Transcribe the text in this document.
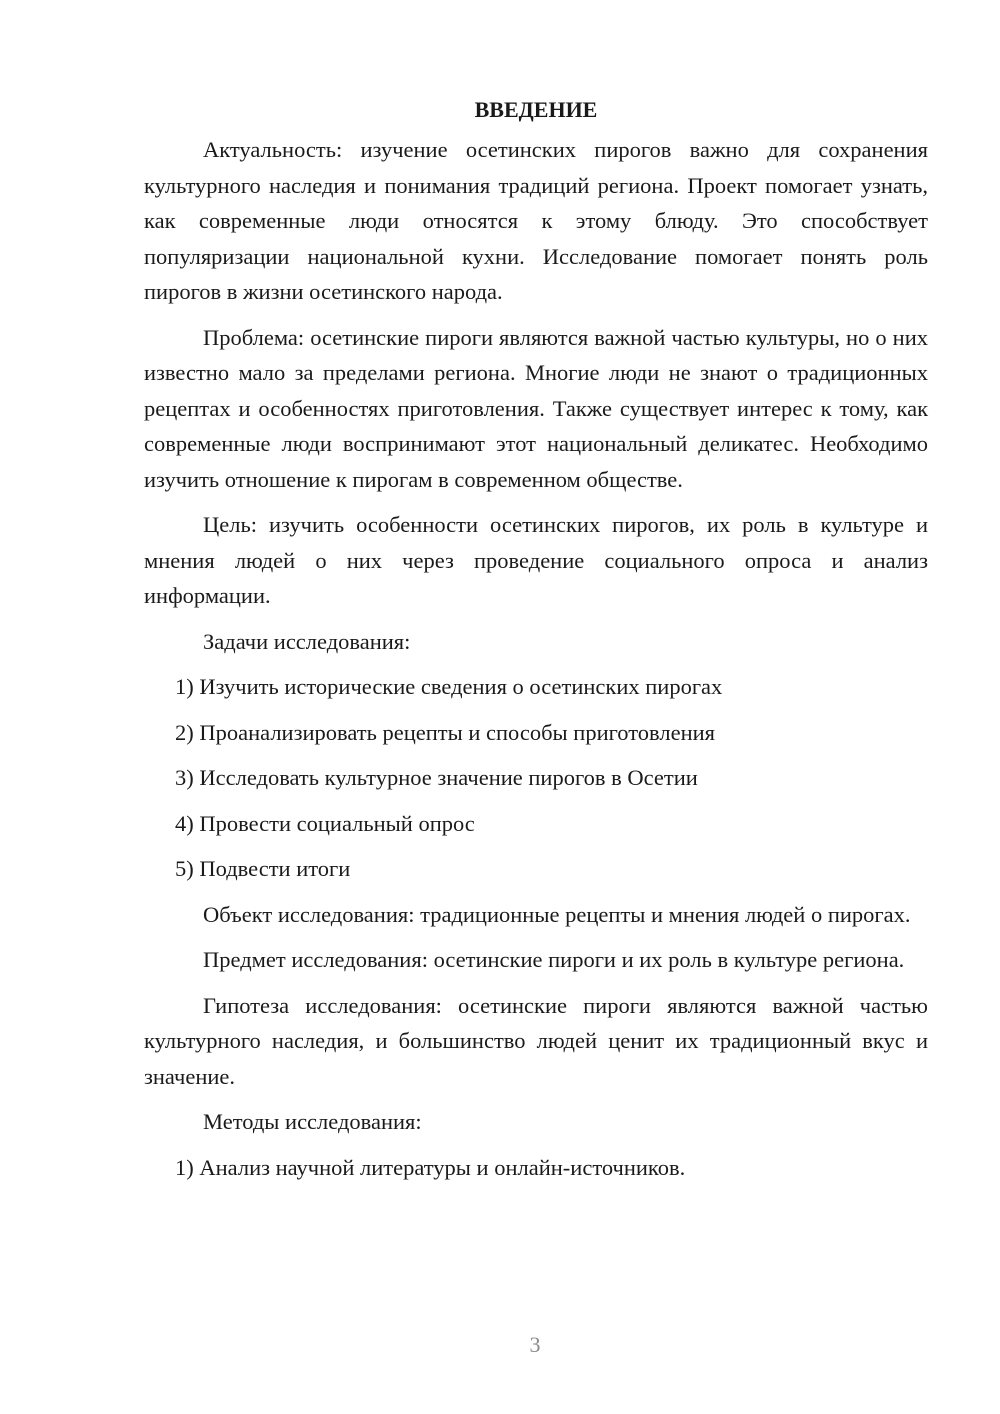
ВВЕДЕНИЕ

Актуальность: изучение осетинских пирогов важно для сохранения культурного наследия и понимания традиций региона. Проект помогает узнать, как современные люди относятся к этому блюду. Это способствует популяризации национальной кухни. Исследование помогает понять роль пирогов в жизни осетинского народа.

Проблема: осетинские пироги являются важной частью культуры, но о них известно мало за пределами региона. Многие люди не знают о традиционных рецептах и особенностях приготовления. Также существует интерес к тому, как современные люди воспринимают этот национальный деликатес. Необходимо изучить отношение к пирогам в современном обществе.

Цель: изучить особенности осетинских пирогов, их роль в культуре и мнения людей о них через проведение социального опроса и анализ информации.

Задачи исследования:

1) Изучить исторические сведения о осетинских пирогах
2) Проанализировать рецепты и способы приготовления
3) Исследовать культурное значение пирогов в Осетии
4) Провести социальный опрос
5) Подвести итоги

Объект исследования: традиционные рецепты и мнения людей о пирогах.

Предмет исследования: осетинские пироги и их роль в культуре региона.

Гипотеза исследования: осетинские пироги являются важной частью культурного наследия, и большинство людей ценит их традиционный вкус и значение.

Методы исследования:

1) Анализ научной литературы и онлайн-источников.
3
